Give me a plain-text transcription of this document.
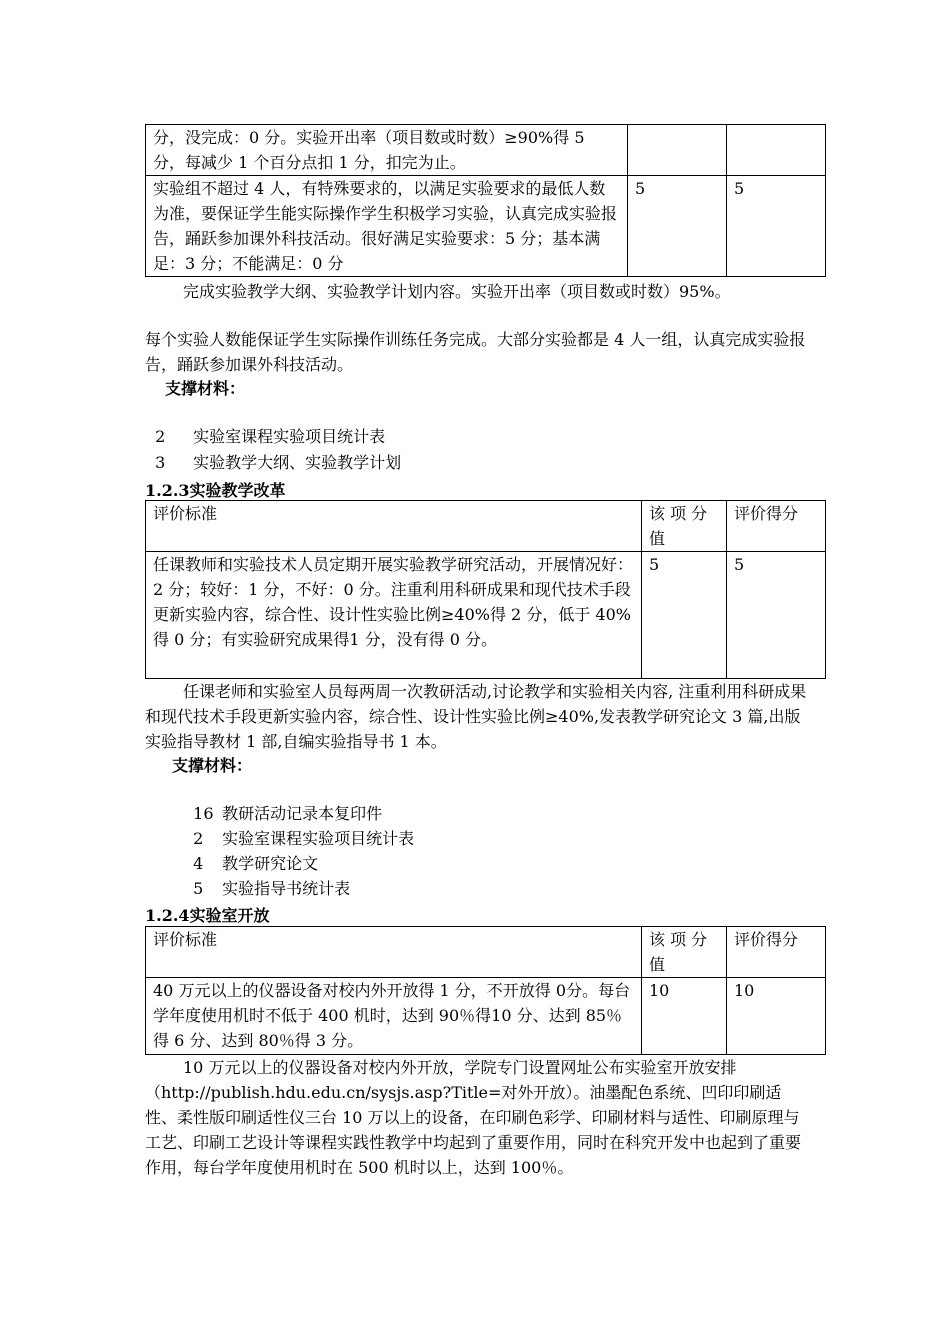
分，没完成：0 分。实验开出率（项目数或时数）≥90%得 5 分，每减少 1 个百分点扣 1 分，扣完为止。		
实验组不超过 4 人，有特殊要求的，以满足实验要求的最低人数为准，要保证学生能实际操作学生积极学习实验，认真完成实验报告，踊跃参加课外科技活动。很好满足实验要求：5 分；基本满足：3 分；不能满足：0 分	5	5
完成实验教学大纲、实验教学计划内容。实验开出率（项目数或时数）95%。
每个实验人数能保证学生实际操作训练任务完成。大部分实验都是 4 人一组，认真完成实验报告，踊跃参加课外科技活动。
支撑材料：

2 实验室课程实验项目统计表

3 实验教学大纲、实验教学计划

1.2.3实验教学改革
评价标准	该 项 分值	评价得分
任课教师和实验技术人员定期开展实验教学研究活动，开展情况好：2 分；较好：1 分，不好：0 分。注重利用科研成果和现代技术手段更新实验内容，综合性、设计性实验比例≥40%得 2 分，低于 40%得 0 分；有实验研究成果得1 分，没有得 0 分。	5	5
任课老师和实验室人员每两周一次教研活动,讨论教学和实验相关内容, 注重利用科研成果和现代技术手段更新实验内容，综合性、设计性实验比例≥40%,发表教学研究论文 3 篇,出版实验指导教材 1 部,自编实验指导书 1 本。
支撑材料：

16 教研活动记录本复印件

2 实验室课程实验项目统计表

4 教学研究论文

5 实验指导书统计表

1.2.4实验室开放
评价标准	该 项 分值	评价得分
40 万元以上的仪器设备对校内外开放得 1 分，不开放得 0分。每台学年度使用机时不低于 400 机时，达到 90％得10 分、达到 85％得 6 分、达到 80％得 3 分。	10	10
10 万元以上的仪器设备对校内外开放，学院专门设置网址公布实验室开放安排（http://publish.hdu.edu.cn/sysjs.asp?Title=对外开放）。油墨配色系统、凹印印刷适性、柔性版印刷适性仪三台 10 万以上的设备，在印刷色彩学、印刷材料与适性、印刷原理与工艺、印刷工艺设计等课程实践性教学中均起到了重要作用，同时在科究开发中也起到了重要作用，每台学年度使用机时在 500 机时以上，达到 100％。
